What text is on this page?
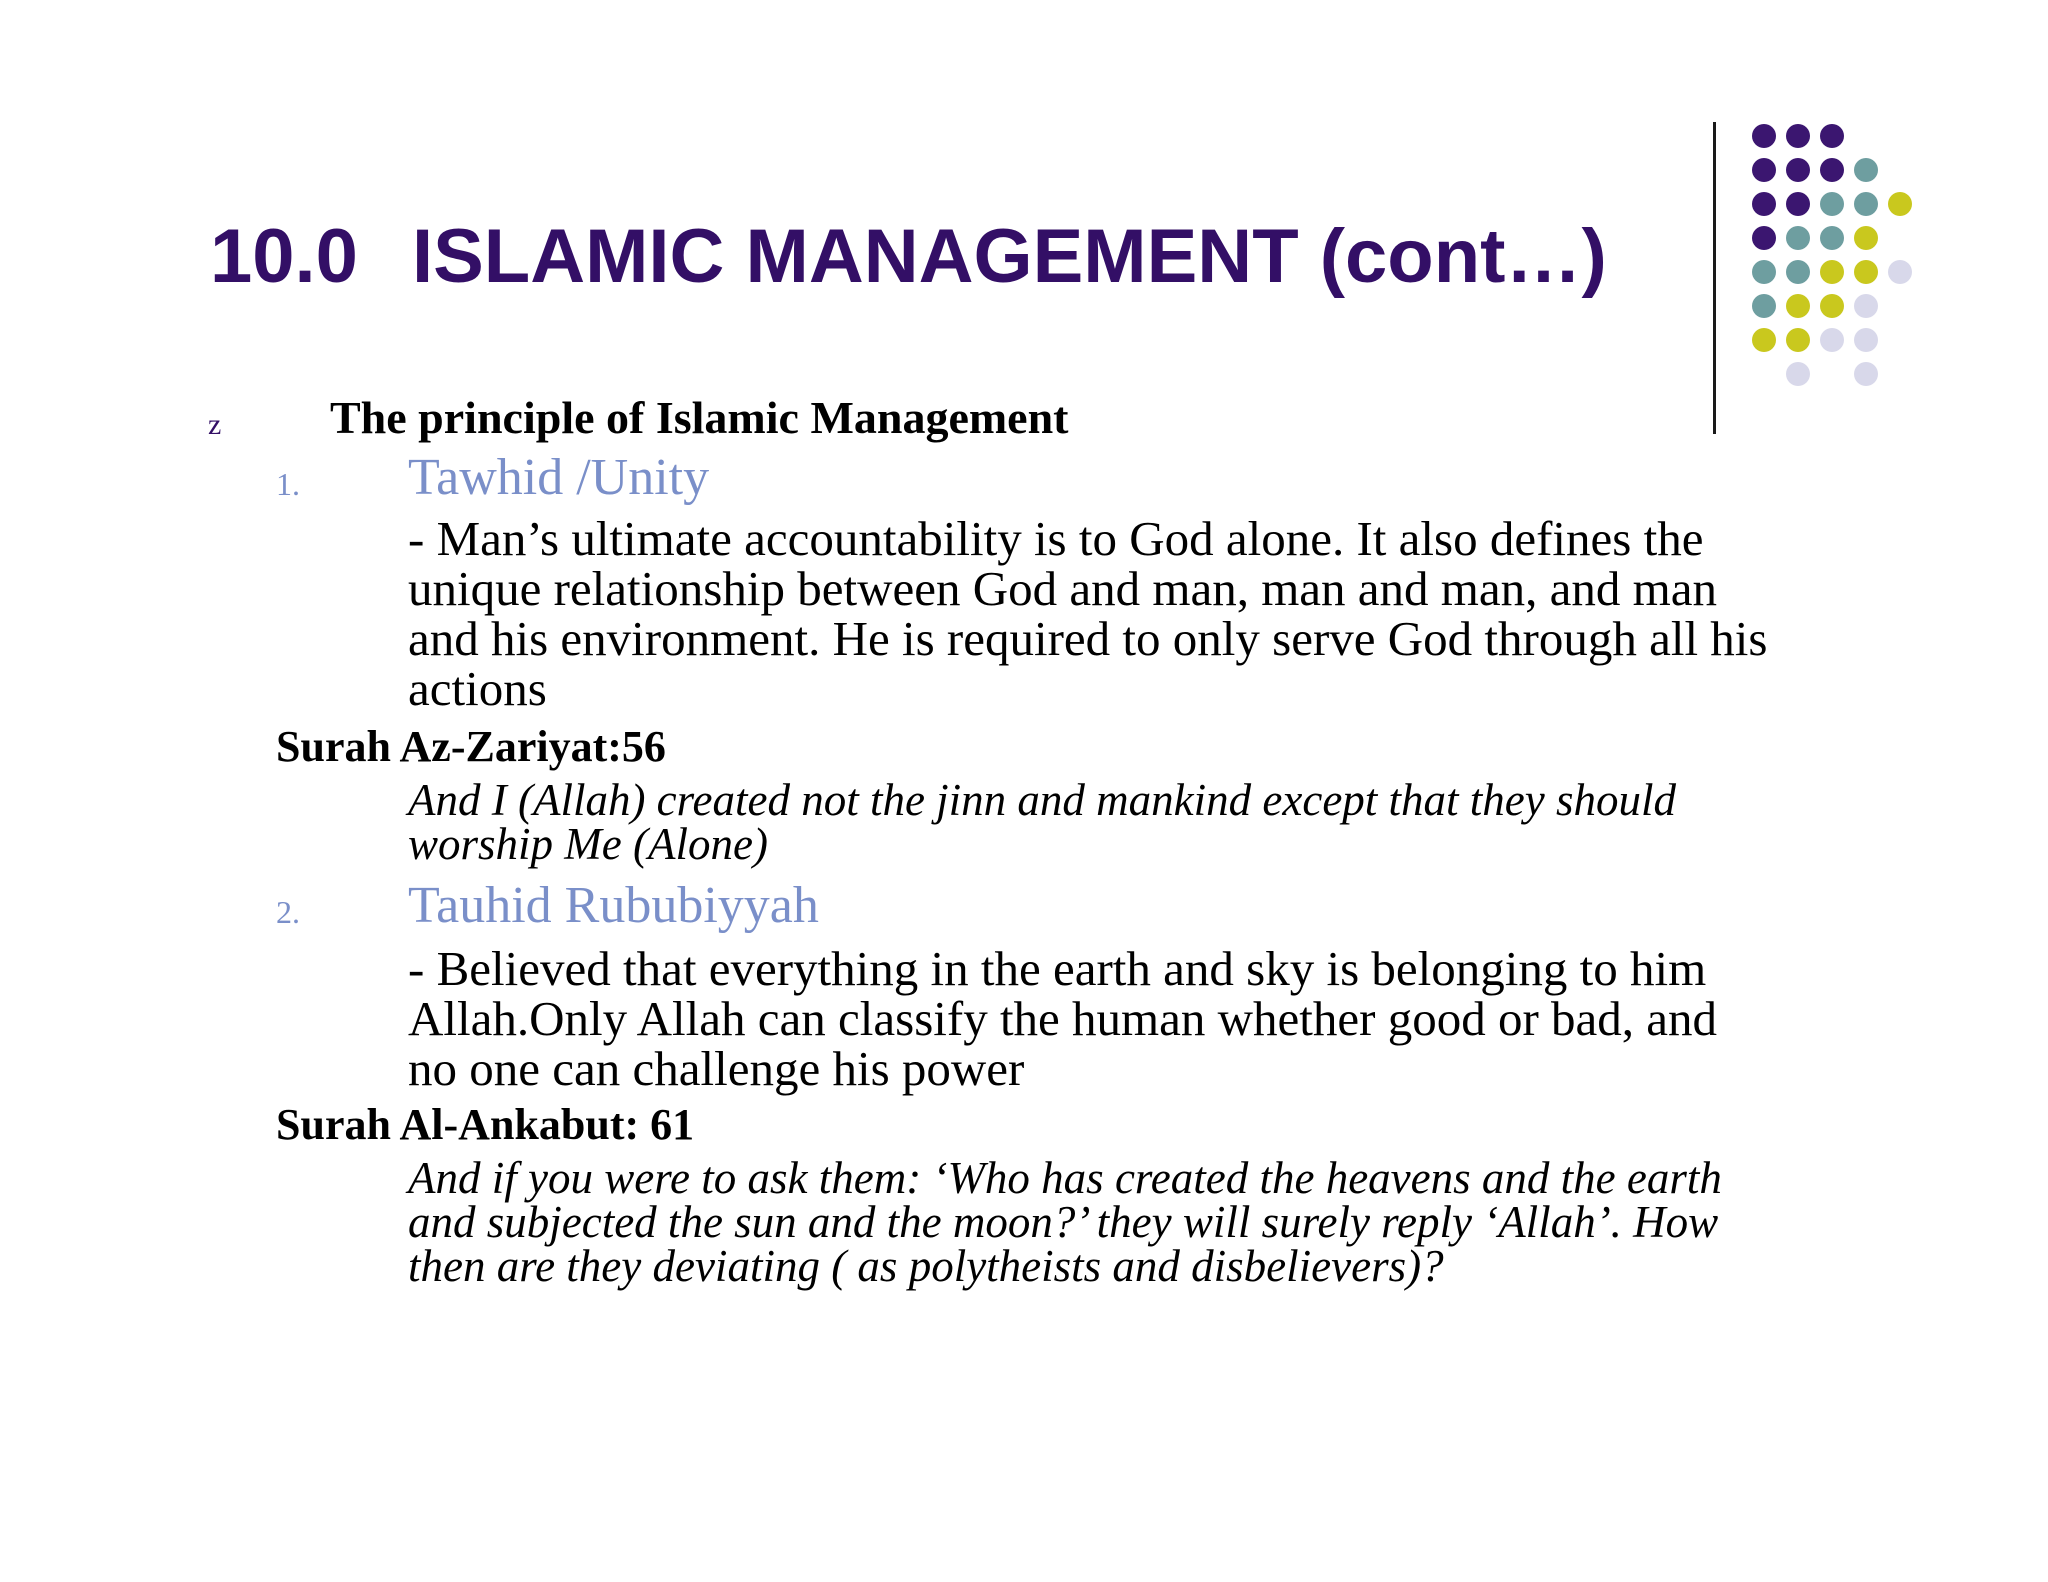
10.0 ISLAMIC MANAGEMENT (cont…)
z The principle of Islamic Management
1. Tawhid /Unity
- Man’s ultimate accountability is to God alone. It also defines the
unique relationship between God and man, man and man, and man
and his environment. He is required to only serve God through all his
actions
Surah Az-Zariyat:56
And I (Allah) created not the jinn and mankind except that they should
worship Me (Alone)
2. Tauhid Rububiyyah
- Believed that everything in the earth and sky is belonging to him
Allah.Only Allah can classify the human whether good or bad, and
no one can challenge his power
Surah Al-Ankabut: 61
And if you were to ask them: ‘Who has created the heavens and the earth
and subjected the sun and the moon?’ they will surely reply ‘Allah’. How
then are they deviating ( as polytheists and disbelievers)?
